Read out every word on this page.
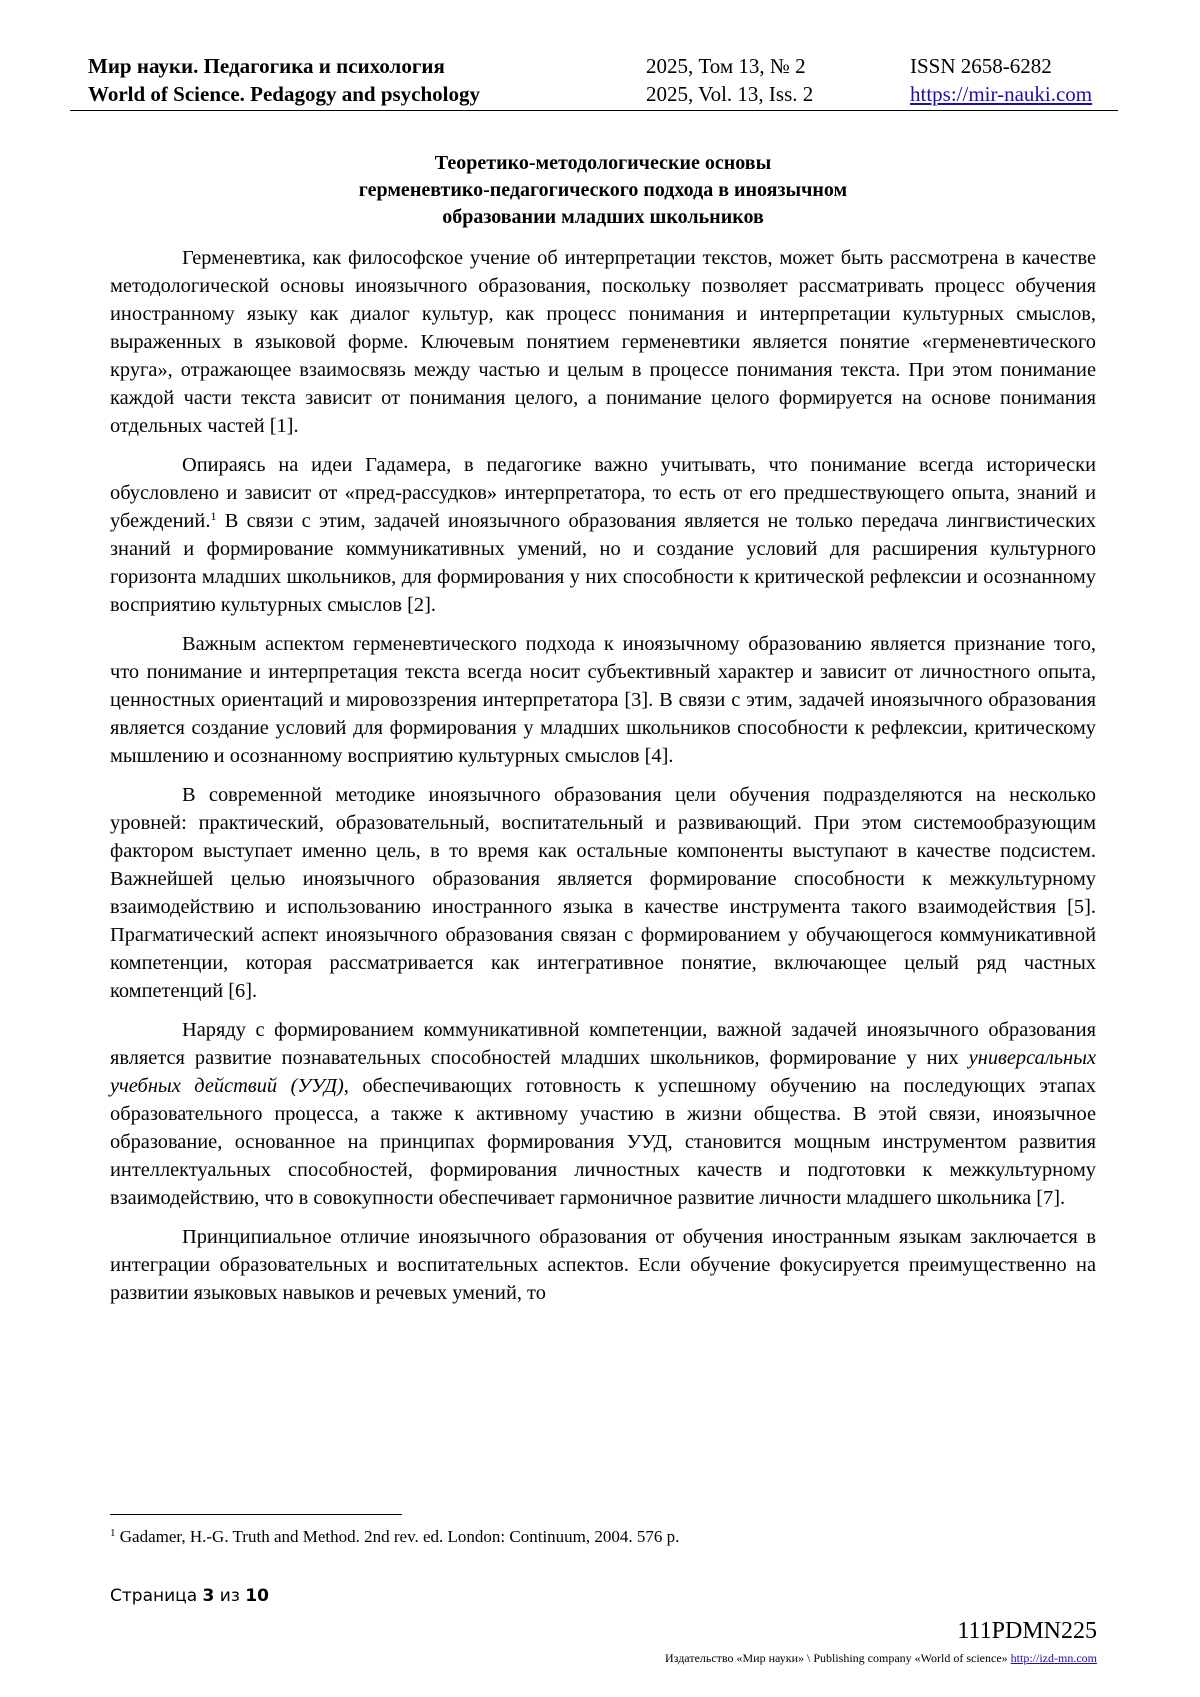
Мир науки. Педагогика и психология	2025, Том 13, № 2	ISSN 2658-6282
World of Science. Pedagogy and psychology	2025, Vol. 13, Iss. 2	https://mir-nauki.com
Теоретико-методологические основы
герменевтико-педагогического подхода в иноязычном
образовании младших школьников

Герменевтика, как философское учение об интерпретации текстов, может быть рассмотрена в качестве методологической основы иноязычного образования, поскольку позволяет рассматривать процесс обучения иностранному языку как диалог культур, как процесс понимания и интерпретации культурных смыслов, выраженных в языковой форме. Ключевым понятием герменевтики является понятие «герменевтического круга», отражающее взаимосвязь между частью и целым в процессе понимания текста. При этом понимание каждой части текста зависит от понимания целого, а понимание целого формируется на основе понимания отдельных частей [1].

Опираясь на идеи Гадамера, в педагогике важно учитывать, что понимание всегда исторически обусловлено и зависит от «пред-рассудков» интерпретатора, то есть от его предшествующего опыта, знаний и убеждений.$^1$ В связи с этим, задачей иноязычного образования является не только передача лингвистических знаний и формирование коммуникативных умений, но и создание условий для расширения культурного горизонта младших школьников, для формирования у них способности к критической рефлексии и осознанному восприятию культурных смыслов [2].

Важным аспектом герменевтического подхода к иноязычному образованию является признание того, что понимание и интерпретация текста всегда носит субъективный характер и зависит от личностного опыта, ценностных ориентаций и мировоззрения интерпретатора [3]. В связи с этим, задачей иноязычного образования является создание условий для формирования у младших школьников способности к рефлексии, критическому мышлению и осознанному восприятию культурных смыслов [4].

В современной методике иноязычного образования цели обучения подразделяются на несколько уровней: практический, образовательный, воспитательный и развивающий. При этом системообразующим фактором выступает именно цель, в то время как остальные компоненты выступают в качестве подсистем. Важнейшей целью иноязычного образования является формирование способности к межкультурному взаимодействию и использованию иностранного языка в качестве инструмента такого взаимодействия [5]. Прагматический аспект иноязычного образования связан с формированием у обучающегося коммуникативной компетенции, которая рассматривается как интегративное понятие, включающее целый ряд частных компетенций [6].

Наряду с формированием коммуникативной компетенции, важной задачей иноязычного образования является развитие познавательных способностей младших школьников, формирование у них универсальных учебных действий (УУД), обеспечивающих готовность к успешному обучению на последующих этапах образовательного процесса, а также к активному участию в жизни общества. В этой связи, иноязычное образование, основанное на принципах формирования УУД, становится мощным инструментом развития интеллектуальных способностей, формирования личностных качеств и подготовки к межкультурному взаимодействию, что в совокупности обеспечивает гармоничное развитие личности младшего школьника [7].

Принципиальное отличие иноязычного образования от обучения иностранным языкам заключается в интеграции образовательных и воспитательных аспектов. Если обучение фокусируется преимущественно на развитии языковых навыков и речевых умений, то

$^1$ Gadamer, H.-G. Truth and Method. 2nd rev. ed. London: Continuum, 2004. 576 p.
Страница 3 из 10
111PDMN225
Издательство «Мир науки» \ Publishing company «World of science» http://izd-mn.com
